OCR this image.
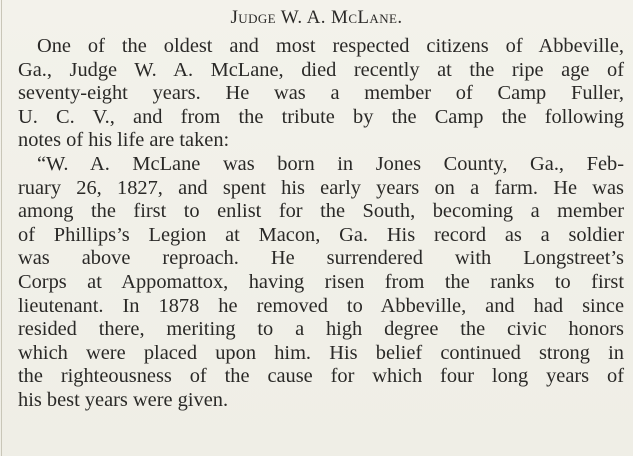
Judge W. A. McLane.
One of the oldest and most respected citizens of Abbeville,
Ga., Judge W. A. McLane, died recently at the ripe age of
seventy-eight years. He was a member of Camp Fuller,
U. C. V., and from the tribute by the Camp the following
notes of his life are taken:
“W. A. McLane was born in Jones County, Ga., Feb-
ruary 26, 1827, and spent his early years on a farm. He was
among the first to enlist for the South, becoming a member
of Phillips’s Legion at Macon, Ga. His record as a soldier
was above reproach. He surrendered with Longstreet’s
Corps at Appomattox, having risen from the ranks to first
lieutenant. In 1878 he removed to Abbeville, and had since
resided there, meriting to a high degree the civic honors
which were placed upon him. His belief continued strong in
the righteousness of the cause for which four long years of
his best years were given.
